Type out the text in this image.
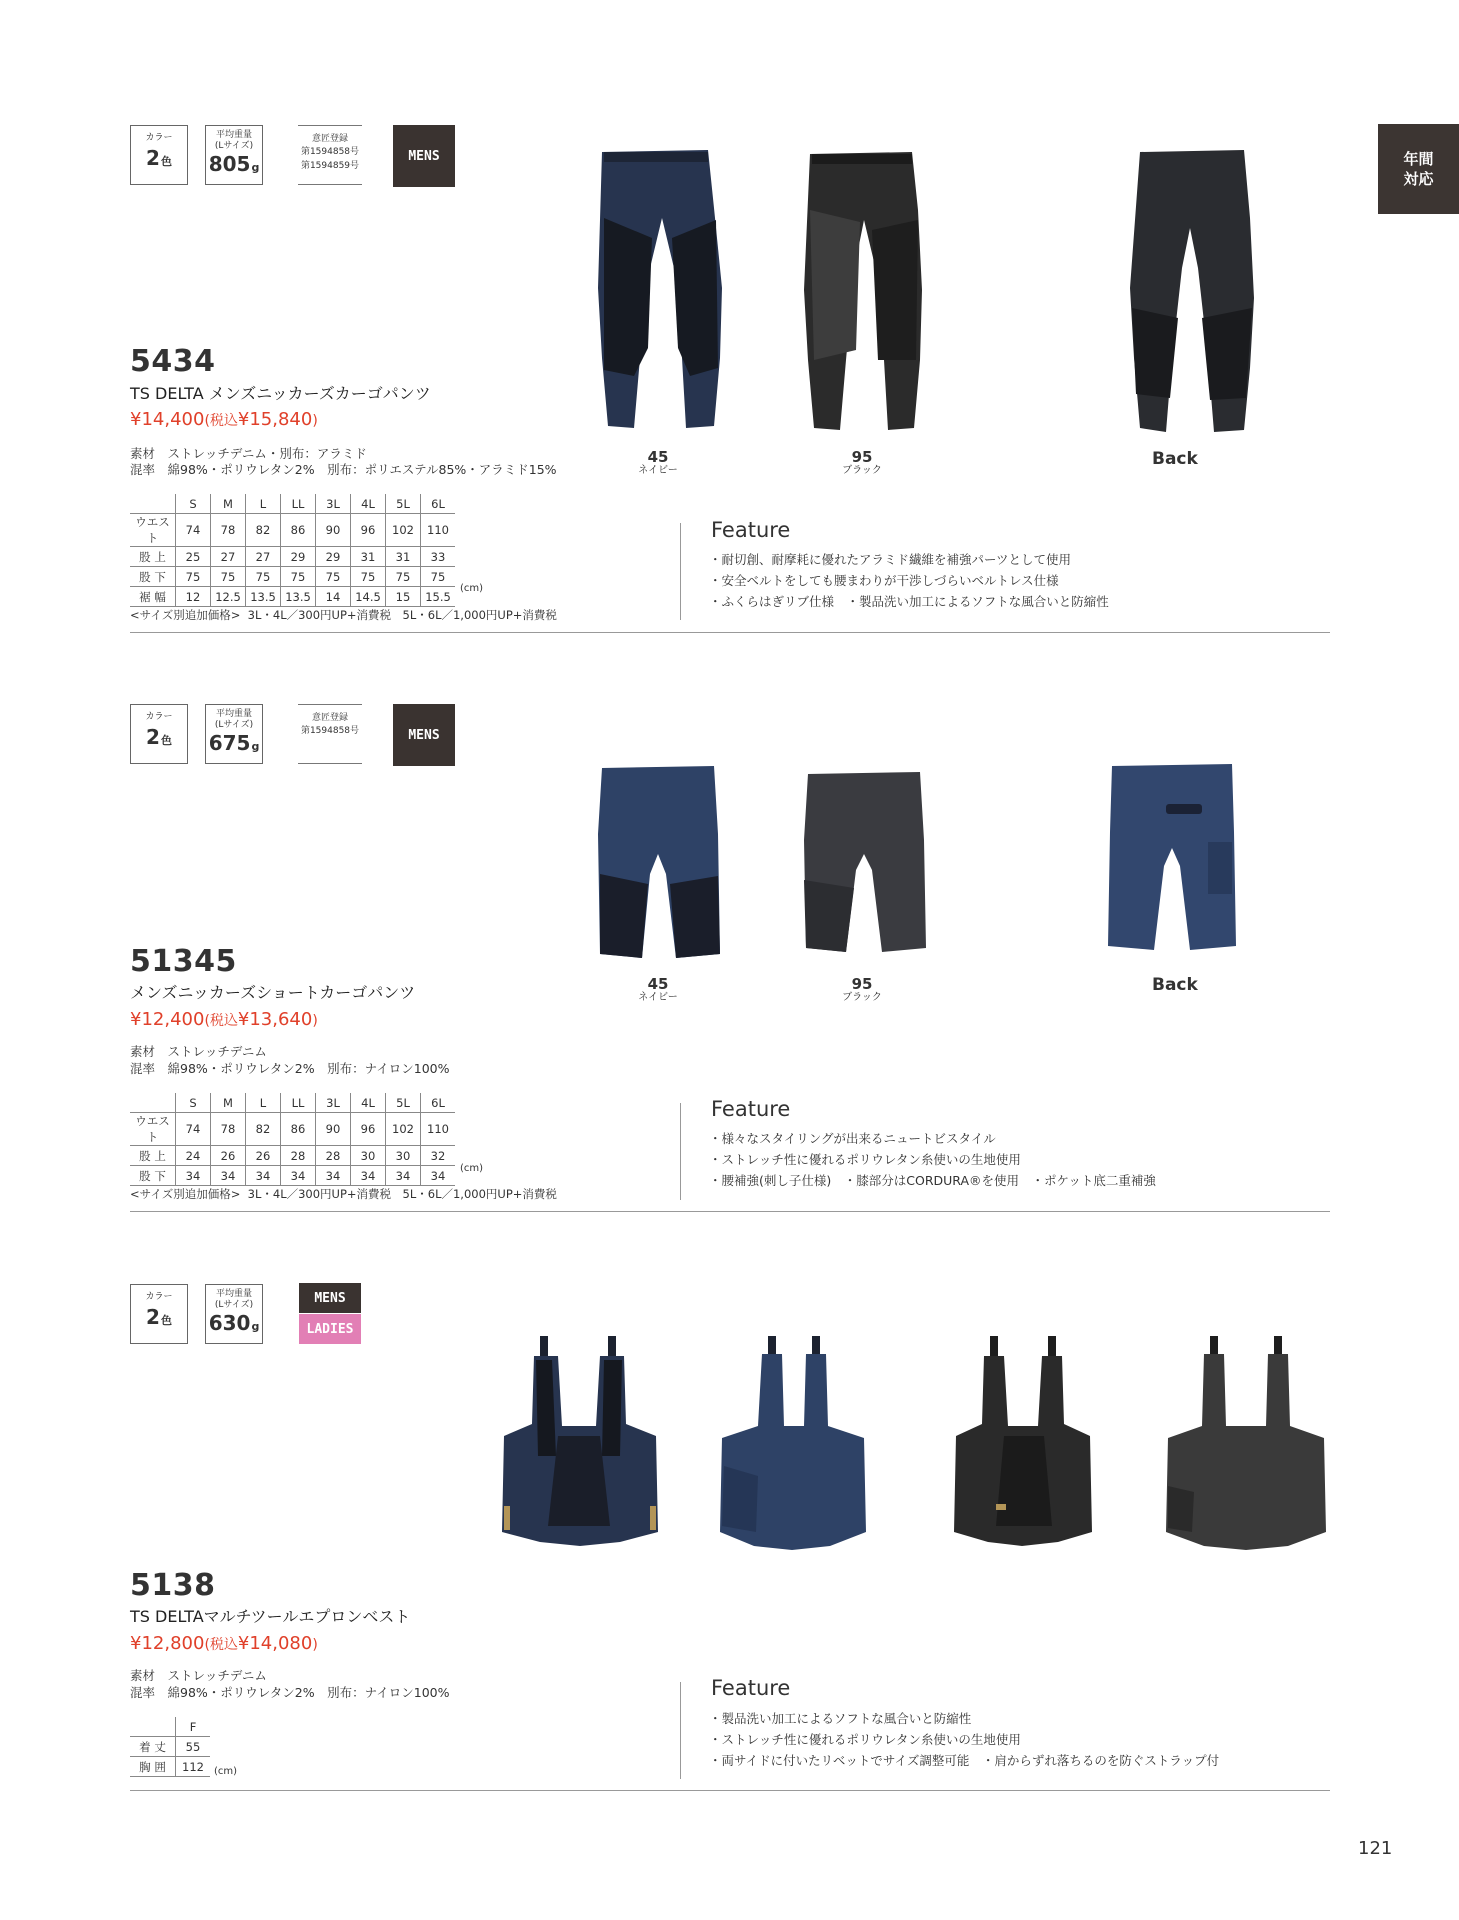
年間
対応
カラー
2色
平均重量
(Lサイズ)
805g
意匠登録
第1594858号
第1594859号
MENS
5434
TS DELTA メンズニッカーズカーゴパンツ
¥14,400(税込¥15,840)
素材　ストレッチデニム・別布：アラミド
混率　綿98%・ポリウレタン2%　別布：ポリエステル85%・アラミド15%
	S	M	L	LL	3L	4L	5L	6L
ウエスト	74	78	82	86	90	96	102	110
股 上	25	27	27	29	29	31	31	33
股 下	75	75	75	75	75	75	75	75
裾 幅	12	12.5	13.5	13.5	14	14.5	15	15.5
(cm)
<サイズ別追加価格>  3L・4L／300円UP+消費税　5L・6L／1,000円UP+消費税
Feature
・耐切創、耐摩耗に優れたアラミド繊維を補強パーツとして使用
・安全ベルトをしても腰まわりが干渉しづらいベルトレス仕様
・ふくらはぎリブ仕様　・製品洗い加工によるソフトな風合いと防縮性
45
ネイビー
95
ブラック
Back
カラー
2色
平均重量
(Lサイズ)
675g
意匠登録
第1594858号	MENS
51345
メンズニッカーズショートカーゴパンツ
¥12,400(税込¥13,640)
素材　ストレッチデニム
混率　綿98%・ポリウレタン2%　別布：ナイロン100%
	S	M	L	LL	3L	4L	5L	6L
ウエスト	74	78	82	86	90	96	102	110
股 上	24	26	26	28	28	30	30	32
股 下	34	34	34	34	34	34	34	34 (cm)
<サイズ別追加価格>  3L・4L／300円UP+消費税　5L・6L／1,000円UP+消費税
Feature
・様々なスタイリングが出来るニュートビスタイル
・ストレッチ性に優れるポリウレタン糸使いの生地使用
・腰補強(刺し子仕様)　・膝部分はCORDURA®を使用　・ポケット底二重補強
45
ネイビー
95
ブラック
Back
カラー
2色
平均重量
(Lサイズ)
630g
MENS
LADIES
5138
TS DELTAマルチツールエプロンベスト
¥12,800(税込¥14,080)
素材　ストレッチデニム
混率　綿98%・ポリウレタン2%　別布：ナイロン100%
	F
着 丈	55
胸 囲	112 (cm)
Feature
・製品洗い加工によるソフトな風合いと防縮性
・ストレッチ性に優れるポリウレタン糸使いの生地使用
・両サイドに付いたリベットでサイズ調整可能　・肩からずれ落ちるのを防ぐストラップ付
121
